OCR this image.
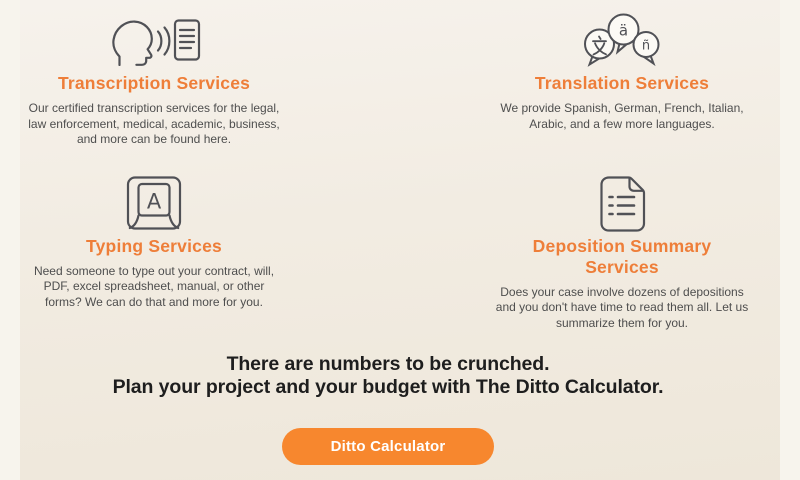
Transcription Services

Our certified transcription services for the legal, law enforcement, medical, academic, business, and more can be found here.

ä
ñ
Translation Services

We provide Spanish, German, French, Italian, Arabic, and a few more languages.

A
Typing Services

Need someone to type out your contract, will, PDF, excel spreadsheet, manual, or other forms? We can do that and more for you.

Deposition Summary Services

Does your case involve dozens of depositions and you don't have time to read them all. Let us summarize them for you.

There are numbers to be crunched.
Plan your project and your budget with The Ditto Calculator.
Ditto Calculator
